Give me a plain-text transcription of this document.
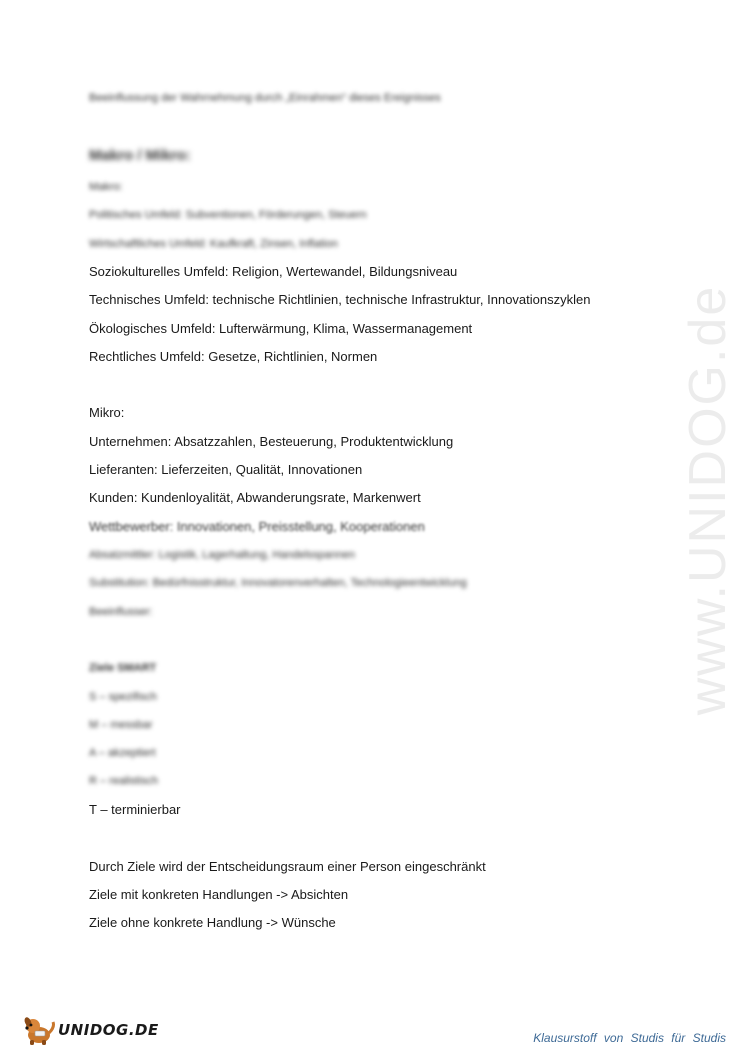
www.UNIDOG.de
Beeinflussung der Wahrnehmung durch „Einrahmen“ dieses Ereignisses
Makro / Mikro:
Makro:
Politisches Umfeld: Subventionen, Förderungen, Steuern
Wirtschaftliches Umfeld: Kaufkraft, Zinsen, Inflation
Soziokulturelles Umfeld: Religion, Wertewandel, Bildungsniveau
Technisches Umfeld: technische Richtlinien, technische Infrastruktur, Innovationszyklen
Ökologisches Umfeld: Lufterwärmung, Klima, Wassermanagement
Rechtliches Umfeld: Gesetze, Richtlinien, Normen
Mikro:
Unternehmen: Absatzzahlen, Besteuerung, Produktentwicklung
Lieferanten: Lieferzeiten, Qualität, Innovationen
Kunden: Kundenloyalität, Abwanderungsrate, Markenwert
Wettbewerber: Innovationen, Preisstellung, Kooperationen
Absatzmittler: Logistik, Lagerhaltung, Handelsspannen
Substitution: Bedürfnisstruktur, Innovatorenverhalten, Technologieentwicklung
Beeinflusser:
Ziele SMART
S – spezifisch
M – messbar
A – akzeptiert
R – realistisch
T – terminierbar
Durch Ziele wird der Entscheidungsraum einer Person eingeschränkt
Ziele mit konkreten Handlungen -> Absichten
Ziele ohne konkrete Handlung -> Wünsche
UNIDOG.DE	Klausurstoff von Studis für Studis
